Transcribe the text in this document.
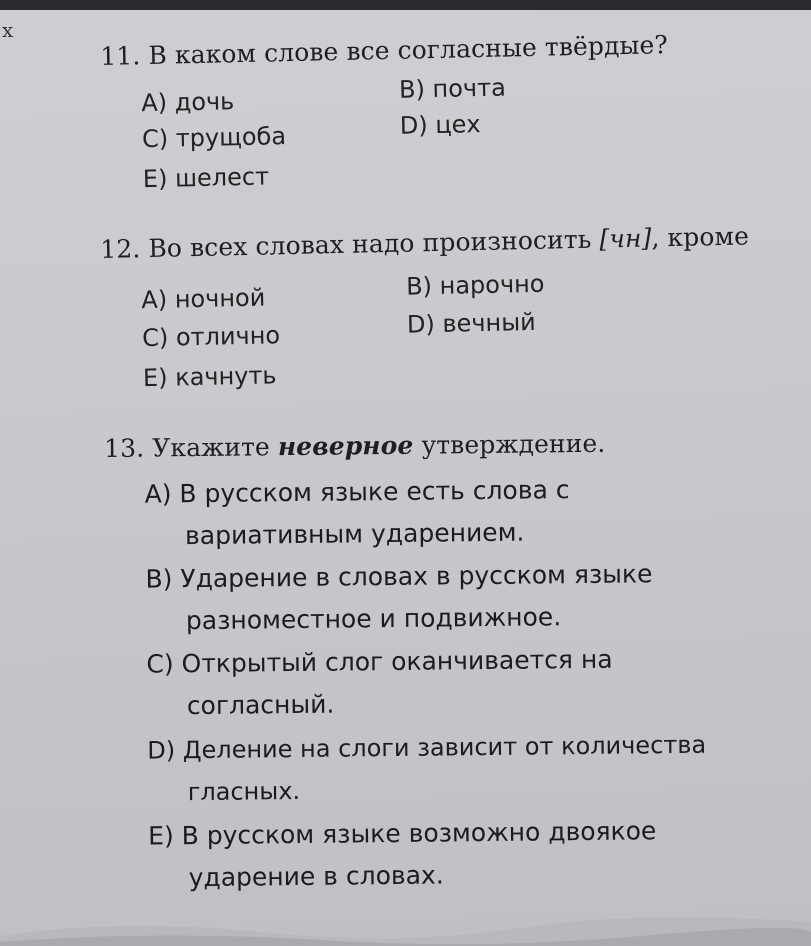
x
11. В каком слове все согласные твёрдые?
A) дочь	B) почта
C) трущоба	D) цех
E) шелест
12. Во всех словах надо произносить [чн], кроме
A) ночной	B) нарочно
C) отлично	D) вечный
E) качнуть
13. Укажите неверное утверждение.
A) В русском языке есть слова с
вариативным ударением.
B) Ударение в словах в русском языке
разноместное и подвижное.
C) Открытый слог оканчивается на
согласный.
D) Деление на слоги зависит от количества
гласных.
E) В русском языке возможно двоякое
ударение в словах.
